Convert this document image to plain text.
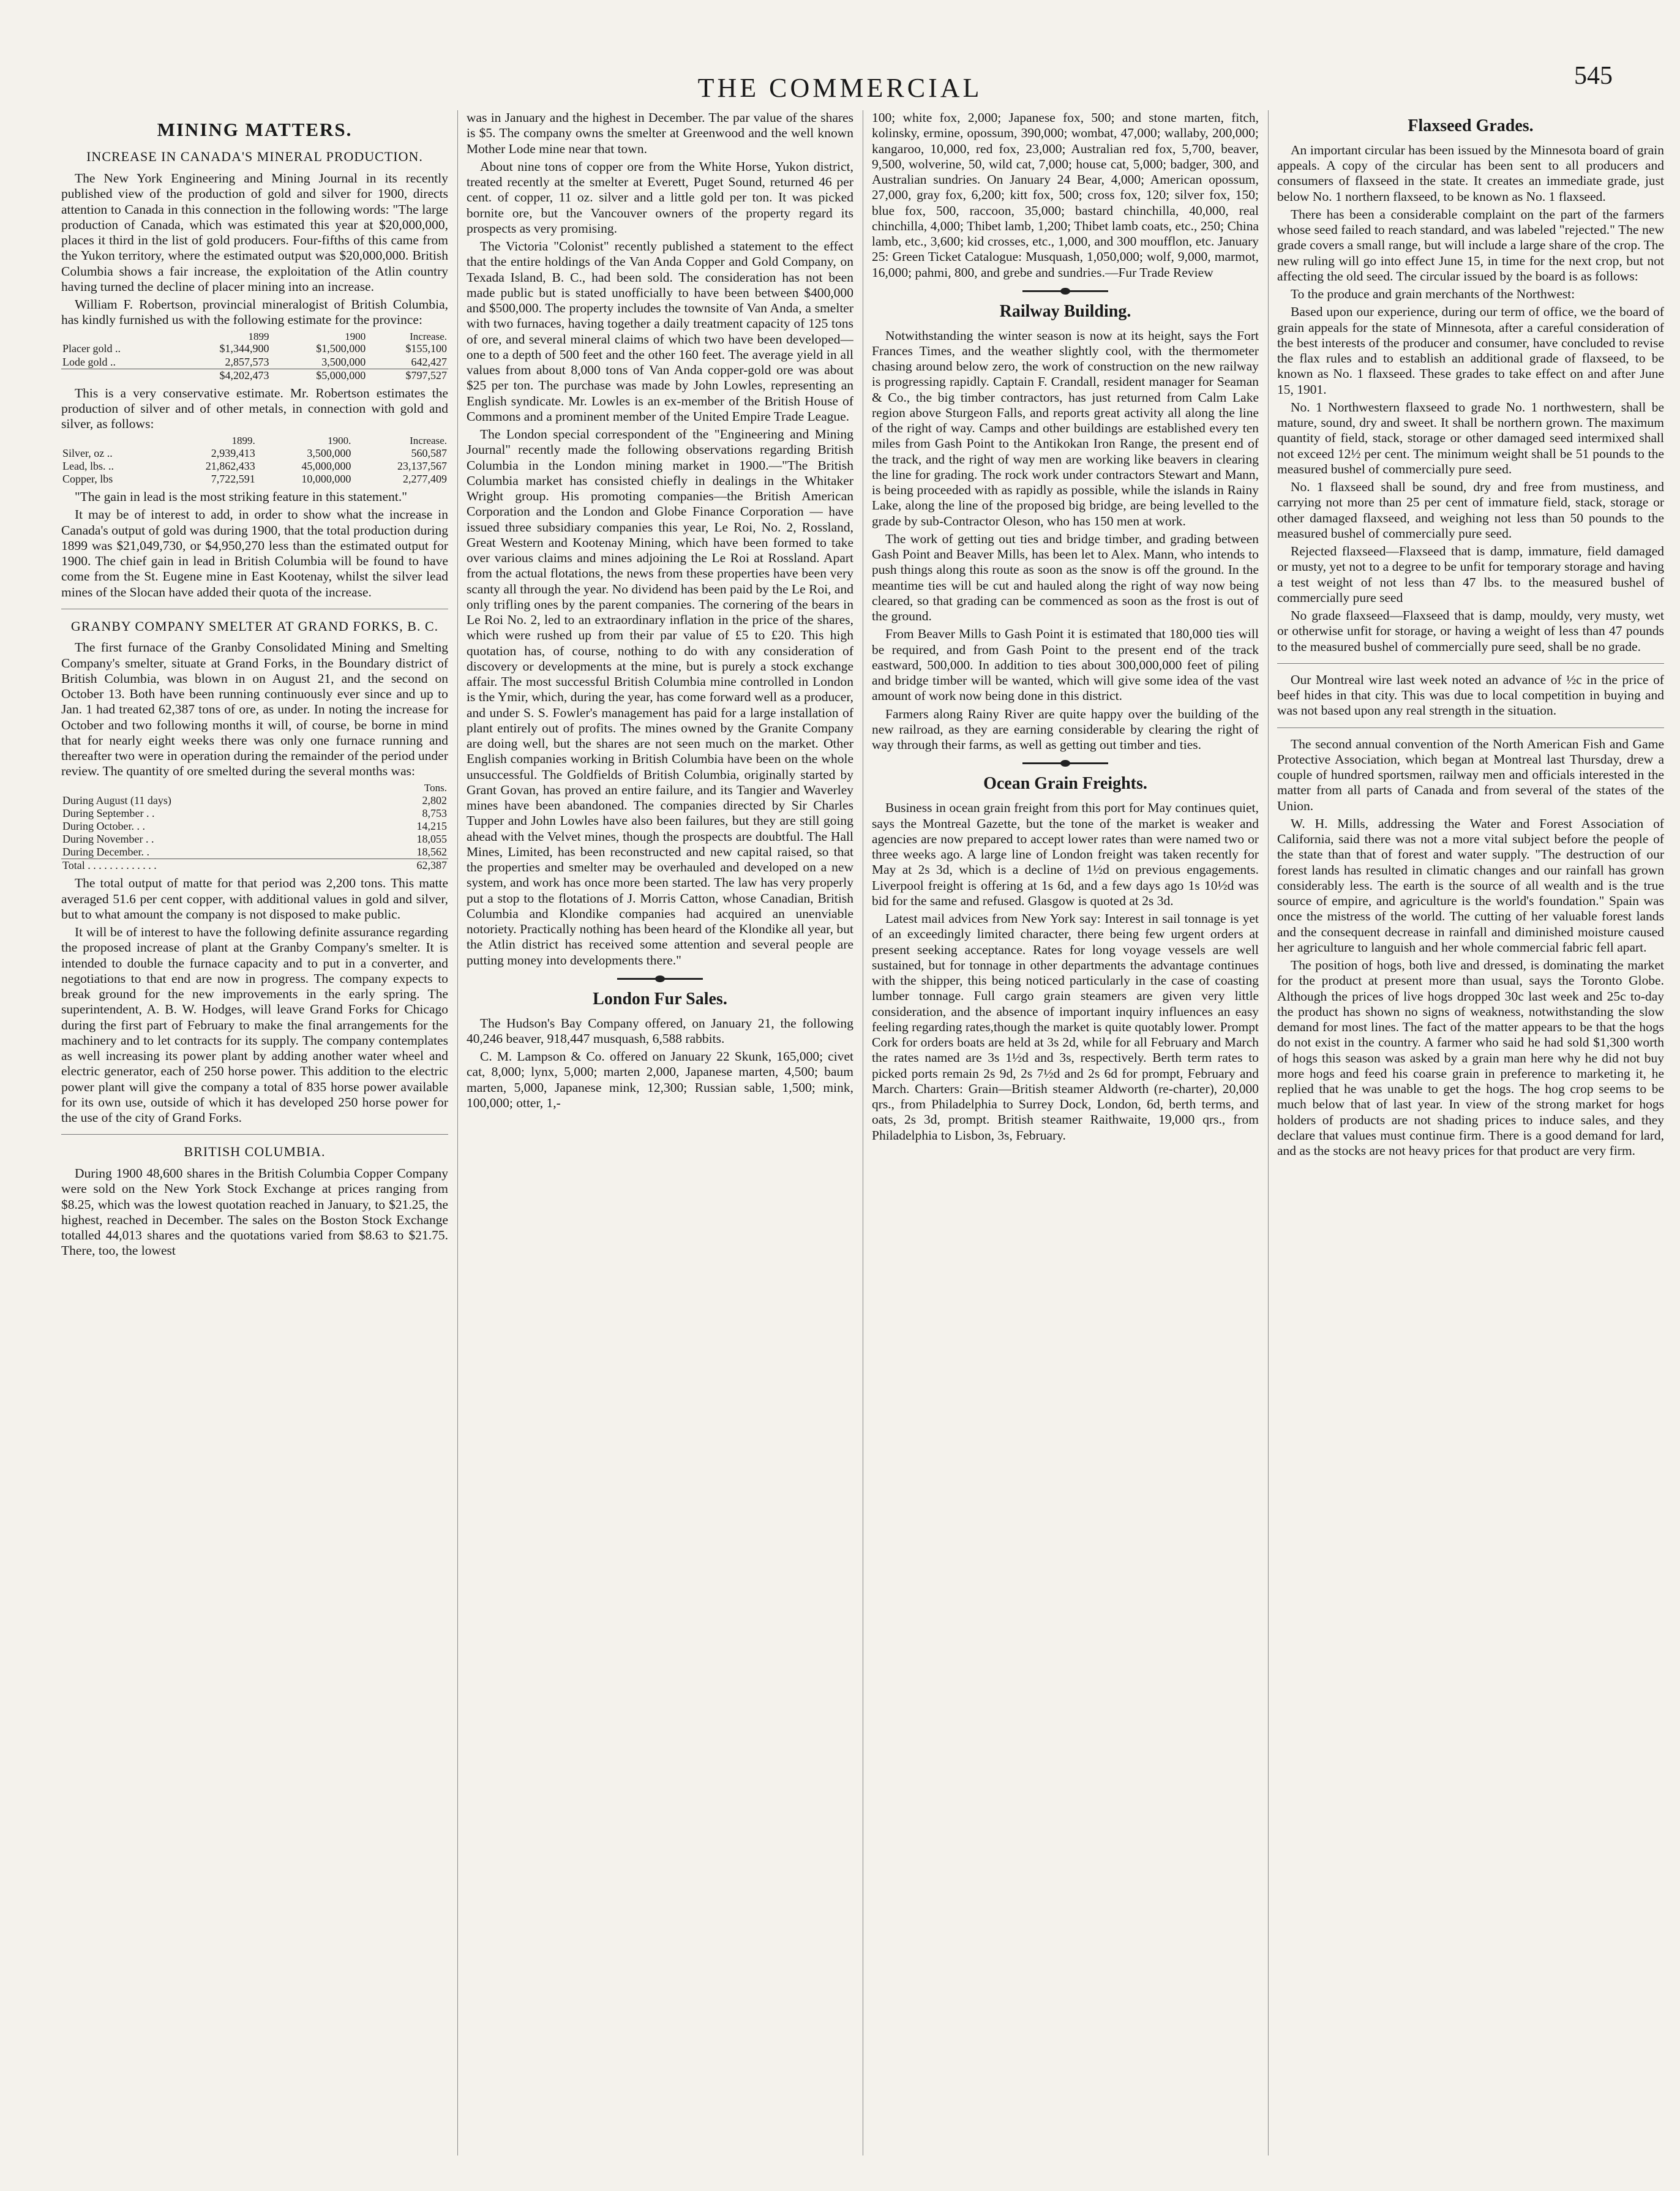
THE COMMERCIAL	545
MINING MATTERS.
INCREASE IN CANADA'S MINERAL PRODUCTION.

The New York Engineering and Mining Journal in its recently published view of the production of gold and silver for 1900, directs attention to Canada in this connection in the following words: "The large production of Canada, which was estimated this year at $20,000,000, places it third in the list of gold producers. Four-fifths of this came from the Yukon territory, where the estimated output was $20,000,000. British Columbia shows a fair increase, the exploitation of the Atlin country having turned the decline of placer mining into an increase.

William F. Robertson, provincial mineralogist of British Columbia, has kindly furnished us with the following estimate for the province:

	1899	1900	Increase.
Placer gold ..	$1,344,900	$1,500,000	$155,100
Lode gold ..	2,857,573	3,500,000	642,427
	$4,202,473	$5,000,000	$797,527

This is a very conservative estimate. Mr. Robertson estimates the production of silver and of other metals, in connection with gold and silver, as follows:

	1899.	1900.	Increase.
Silver, oz ..	2,939,413	3,500,000	560,587
Lead, lbs. ..	21,862,433	45,000,000	23,137,567
Copper, lbs	7,722,591	10,000,000	2,277,409

"The gain in lead is the most striking feature in this statement."

It may be of interest to add, in order to show what the increase in Canada's output of gold was during 1900, that the total production during 1899 was $21,049,730, or $4,950,270 less than the estimated output for 1900. The chief gain in lead in British Columbia will be found to have come from the St. Eugene mine in East Kootenay, whilst the silver lead mines of the Slocan have added their quota of the increase.

GRANBY COMPANY SMELTER AT GRAND FORKS, B. C.

The first furnace of the Granby Consolidated Mining and Smelting Company's smelter, situate at Grand Forks, in the Boundary district of British Columbia, was blown in on August 21, and the second on October 13. Both have been running continuously ever since and up to Jan. 1 had treated 62,387 tons of ore, as under. In noting the increase for October and two following months it will, of course, be borne in mind that for nearly eight weeks there was only one furnace running and thereafter two were in operation during the remainder of the period under review. The quantity of ore smelted during the several months was:

	Tons.
During August (11 days)	2,802
During September . .	8,753
During October. . .	14,215
During November . .	18,055
During December. .	18,562
Total . . . . . . . . . . . . .	62,387

The total output of matte for that period was 2,200 tons. This matte averaged 51.6 per cent copper, with additional values in gold and silver, but to what amount the company is not disposed to make public.

It will be of interest to have the following definite assurance regarding the proposed increase of plant at the Granby Company's smelter. It is intended to double the furnace capacity and to put in a converter, and negotiations to that end are now in progress. The company expects to break ground for the new improvements in the early spring. The superintendent, A. B. W. Hodges, will leave Grand Forks for Chicago during the first part of February to make the final arrangements for the machinery and to let contracts for its supply. The company contemplates as well increasing its power plant by adding another water wheel and electric generator, each of 250 horse power. This addition to the electric power plant will give the company a total of 835 horse power available for its own use, outside of which it has developed 250 horse power for the use of the city of Grand Forks.

BRITISH COLUMBIA.

During 1900 48,600 shares in the British Columbia Copper Company were sold on the New York Stock Exchange at prices ranging from $8.25, which was the lowest quotation reached in January, to $21.25, the highest, reached in December. The sales on the Boston Stock Exchange totalled 44,013 shares and the quotations varied from $8.63 to $21.75. There, too, the lowest

was in January and the highest in December. The par value of the shares is $5. The company owns the smelter at Greenwood and the well known Mother Lode mine near that town.

About nine tons of copper ore from the White Horse, Yukon district, treated recently at the smelter at Everett, Puget Sound, returned 46 per cent. of copper, 11 oz. silver and a little gold per ton. It was picked bornite ore, but the Vancouver owners of the property regard its prospects as very promising.

The Victoria "Colonist" recently published a statement to the effect that the entire holdings of the Van Anda Copper and Gold Company, on Texada Island, B. C., had been sold. The consideration has not been made public but is stated unofficially to have been between $400,000 and $500,000. The property includes the townsite of Van Anda, a smelter with two furnaces, having together a daily treatment capacity of 125 tons of ore, and several mineral claims of which two have been developed—one to a depth of 500 feet and the other 160 feet. The average yield in all values from about 8,000 tons of Van Anda copper-gold ore was about $25 per ton. The purchase was made by John Lowles, representing an English syndicate. Mr. Lowles is an ex-member of the British House of Commons and a prominent member of the United Empire Trade League.

The London special correspondent of the "Engineering and Mining Journal" recently made the following observations regarding British Columbia in the London mining market in 1900.—"The British Columbia market has consisted chiefly in dealings in the Whitaker Wright group. His promoting companies—the British American Corporation and the London and Globe Finance Corporation — have issued three subsidiary companies this year, Le Roi, No. 2, Rossland, Great Western and Kootenay Mining, which have been formed to take over various claims and mines adjoining the Le Roi at Rossland. Apart from the actual flotations, the news from these properties have been very scanty all through the year. No dividend has been paid by the Le Roi, and only trifling ones by the parent companies. The cornering of the bears in Le Roi No. 2, led to an extraordinary inflation in the price of the shares, which were rushed up from their par value of £5 to £20. This high quotation has, of course, nothing to do with any consideration of discovery or developments at the mine, but is purely a stock exchange affair. The most successful British Columbia mine controlled in London is the Ymir, which, during the year, has come forward well as a producer, and under S. S. Fowler's management has paid for a large installation of plant entirely out of profits. The mines owned by the Granite Company are doing well, but the shares are not seen much on the market. Other English companies working in British Columbia have been on the whole unsuccessful. The Goldfields of British Columbia, originally started by Grant Govan, has proved an entire failure, and its Tangier and Waverley mines have been abandoned. The companies directed by Sir Charles Tupper and John Lowles have also been failures, but they are still going ahead with the Velvet mines, though the prospects are doubtful. The Hall Mines, Limited, has been reconstructed and new capital raised, so that the properties and smelter may be overhauled and developed on a new system, and work has once more been started. The law has very properly put a stop to the flotations of J. Morris Catton, whose Canadian, British Columbia and Klondike companies had acquired an unenviable notoriety. Practically nothing has been heard of the Klondike all year, but the Atlin district has received some attention and several people are putting money into developments there."

London Fur Sales.

The Hudson's Bay Company offered, on January 21, the following 40,246 beaver, 918,447 musquash, 6,588 rabbits.

C. M. Lampson & Co. offered on January 22 Skunk, 165,000; civet cat, 8,000; lynx, 5,000; marten 2,000, Japanese marten, 4,500; baum marten, 5,000, Japanese mink, 12,300; Russian sable, 1,500; mink, 100,000; otter, 1,-

100; white fox, 2,000; Japanese fox, 500; and stone marten, fitch, kolinsky, ermine, opossum, 390,000; wombat, 47,000; wallaby, 200,000; kangaroo, 10,000, red fox, 23,000; Australian red fox, 5,700, beaver, 9,500, wolverine, 50, wild cat, 7,000; house cat, 5,000; badger, 300, and Australian sundries. On January 24 Bear, 4,000; American opossum, 27,000, gray fox, 6,200; kitt fox, 500; cross fox, 120; silver fox, 150; blue fox, 500, raccoon, 35,000; bastard chinchilla, 40,000, real chinchilla, 4,000; Thibet lamb, 1,200; Thibet lamb coats, etc., 250; China lamb, etc., 3,600; kid crosses, etc., 1,000, and 300 moufflon, etc. January 25: Green Ticket Catalogue: Musquash, 1,050,000; wolf, 9,000, marmot, 16,000; pahmi, 800, and grebe and sundries.—Fur Trade Review

Railway Building.

Notwithstanding the winter season is now at its height, says the Fort Frances Times, and the weather slightly cool, with the thermometer chasing around below zero, the work of construction on the new railway is progressing rapidly. Captain F. Crandall, resident manager for Seaman & Co., the big timber contractors, has just returned from Calm Lake region above Sturgeon Falls, and reports great activity all along the line of the right of way. Camps and other buildings are established every ten miles from Gash Point to the Antikokan Iron Range, the present end of the track, and the right of way men are working like beavers in clearing the line for grading. The rock work under contractors Stewart and Mann, is being proceeded with as rapidly as possible, while the islands in Rainy Lake, along the line of the proposed big bridge, are being levelled to the grade by sub-Contractor Oleson, who has 150 men at work.

The work of getting out ties and bridge timber, and grading between Gash Point and Beaver Mills, has been let to Alex. Mann, who intends to push things along this route as soon as the snow is off the ground. In the meantime ties will be cut and hauled along the right of way now being cleared, so that grading can be commenced as soon as the frost is out of the ground.

From Beaver Mills to Gash Point it is estimated that 180,000 ties will be required, and from Gash Point to the present end of the track eastward, 500,000. In addition to ties about 300,000,000 feet of piling and bridge timber will be wanted, which will give some idea of the vast amount of work now being done in this district.

Farmers along Rainy River are quite happy over the building of the new railroad, as they are earning considerable by clearing the right of way through their farms, as well as getting out timber and ties.

Ocean Grain Freights.

Business in ocean grain freight from this port for May continues quiet, says the Montreal Gazette, but the tone of the market is weaker and agencies are now prepared to accept lower rates than were named two or three weeks ago. A large line of London freight was taken recently for May at 2s 3d, which is a decline of 1½d on previous engagements. Liverpool freight is offering at 1s 6d, and a few days ago 1s 10½d was bid for the same and refused. Glasgow is quoted at 2s 3d.

Latest mail advices from New York say: Interest in sail tonnage is yet of an exceedingly limited character, there being few urgent orders at present seeking acceptance. Rates for long voyage vessels are well sustained, but for tonnage in other departments the advantage continues with the shipper, this being noticed particularly in the case of coasting lumber tonnage. Full cargo grain steamers are given very little consideration, and the absence of important inquiry influences an easy feeling regarding rates,though the market is quite quotably lower. Prompt Cork for orders boats are held at 3s 2d, while for all February and March the rates named are 3s 1½d and 3s, respectively. Berth term rates to picked ports remain 2s 9d, 2s 7½d and 2s 6d for prompt, February and March. Charters: Grain—British steamer Aldworth (re-charter), 20,000 qrs., from Philadelphia to Surrey Dock, London, 6d, berth terms, and oats, 2s 3d, prompt. British steamer Raithwaite, 19,000 qrs., from Philadelphia to Lisbon, 3s, February.

Flaxseed Grades.

An important circular has been issued by the Minnesota board of grain appeals. A copy of the circular has been sent to all producers and consumers of flaxseed in the state. It creates an immediate grade, just below No. 1 northern flaxseed, to be known as No. 1 flaxseed.

There has been a considerable complaint on the part of the farmers whose seed failed to reach standard, and was labeled "rejected." The new grade covers a small range, but will include a large share of the crop. The new ruling will go into effect June 15, in time for the next crop, but not affecting the old seed. The circular issued by the board is as follows:

To the produce and grain merchants of the Northwest:

Based upon our experience, during our term of office, we the board of grain appeals for the state of Minnesota, after a careful consideration of the best interests of the producer and consumer, have concluded to revise the flax rules and to establish an additional grade of flaxseed, to be known as No. 1 flaxseed. These grades to take effect on and after June 15, 1901.

No. 1 Northwestern flaxseed to grade No. 1 northwestern, shall be mature, sound, dry and sweet. It shall be northern grown. The maximum quantity of field, stack, storage or other damaged seed intermixed shall not exceed 12½ per cent. The minimum weight shall be 51 pounds to the measured bushel of commercially pure seed.

No. 1 flaxseed shall be sound, dry and free from mustiness, and carrying not more than 25 per cent of immature field, stack, storage or other damaged flaxseed, and weighing not less than 50 pounds to the measured bushel of commercially pure seed.

Rejected flaxseed—Flaxseed that is damp, immature, field damaged or musty, yet not to a degree to be unfit for temporary storage and having a test weight of not less than 47 lbs. to the measured bushel of commercially pure seed

No grade flaxseed—Flaxseed that is damp, mouldy, very musty, wet or otherwise unfit for storage, or having a weight of less than 47 pounds to the measured bushel of commercially pure seed, shall be no grade.

Our Montreal wire last week noted an advance of ½c in the price of beef hides in that city. This was due to local competition in buying and was not based upon any real strength in the situation.

The second annual convention of the North American Fish and Game Protective Association, which began at Montreal last Thursday, drew a couple of hundred sportsmen, railway men and officials interested in the matter from all parts of Canada and from several of the states of the Union.

W. H. Mills, addressing the Water and Forest Association of California, said there was not a more vital subject before the people of the state than that of forest and water supply. "The destruction of our forest lands has resulted in climatic changes and our rainfall has grown considerably less. The earth is the source of all wealth and is the true source of empire, and agriculture is the world's foundation." Spain was once the mistress of the world. The cutting of her valuable forest lands and the consequent decrease in rainfall and diminished moisture caused her agriculture to languish and her whole commercial fabric fell apart.

The position of hogs, both live and dressed, is dominating the market for the product at present more than usual, says the Toronto Globe. Although the prices of live hogs dropped 30c last week and 25c to-day the product has shown no signs of weakness, notwithstanding the slow demand for most lines. The fact of the matter appears to be that the hogs do not exist in the country. A farmer who said he had sold $1,300 worth of hogs this season was asked by a grain man here why he did not buy more hogs and feed his coarse grain in preference to marketing it, he replied that he was unable to get the hogs. The hog crop seems to be much below that of last year. In view of the strong market for hogs holders of products are not shading prices to induce sales, and they declare that values must continue firm. There is a good demand for lard, and as the stocks are not heavy prices for that product are very firm.
